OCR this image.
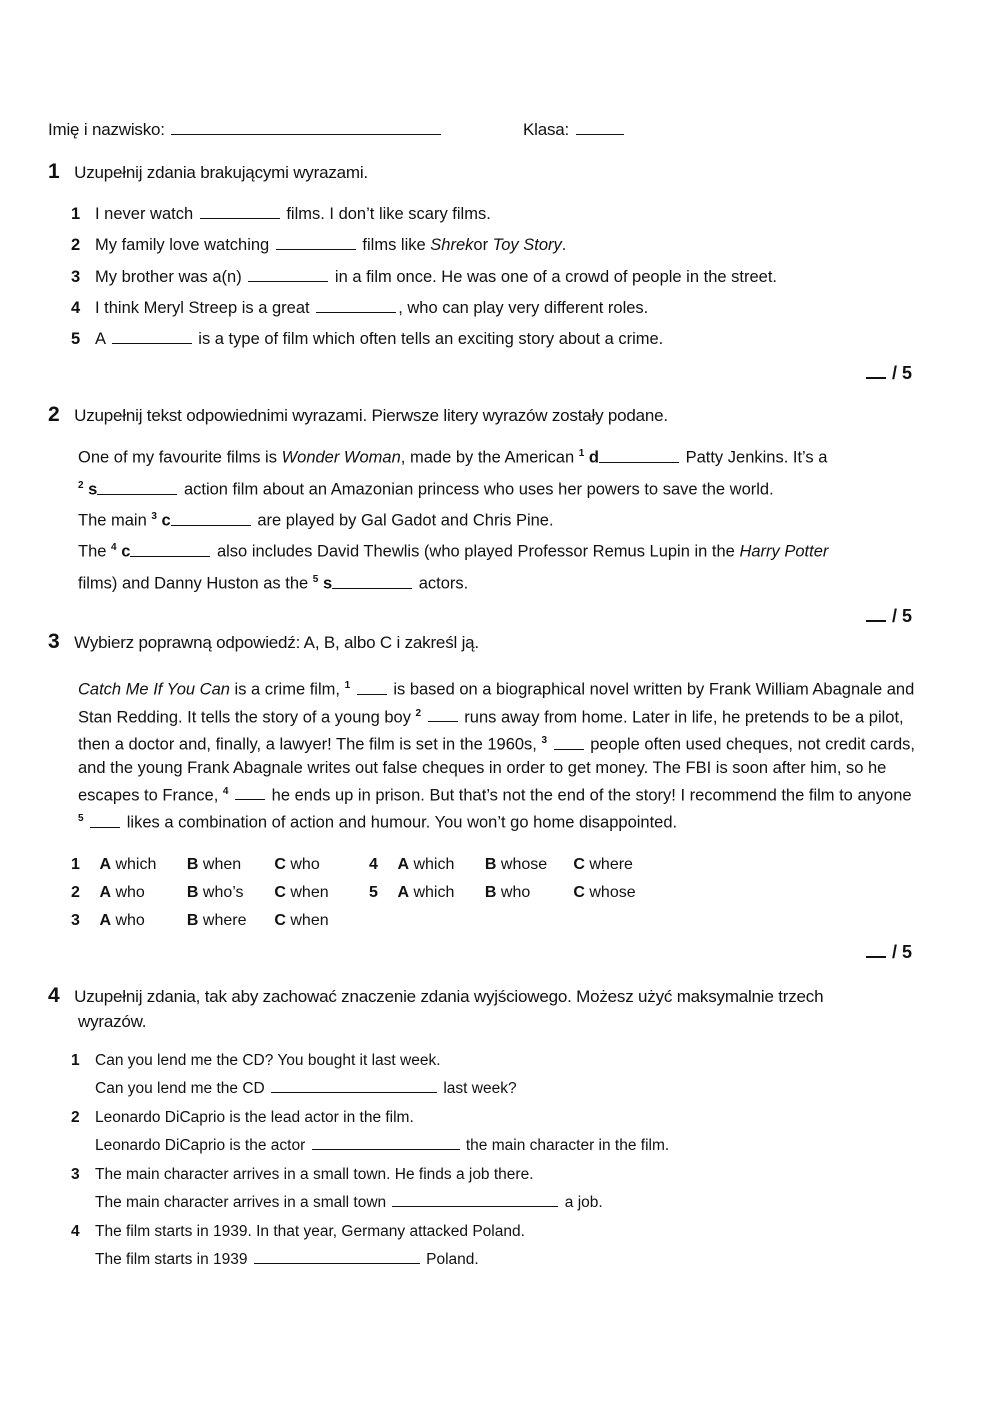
Imię i nazwisko:	Klasa:
1 Uzupełnij zdania brakującymi wyrazami.
1 I never watch	films. I don’t like scary films.
2 My family love watching	films like Shrekor Toy Story.
3 My brother was a(n)	in a film once. He was one of a crowd of people in the street.
4 I think Meryl Streep is a great	, who can play very different roles.
5 A	is a type of film which often tells an exciting story about a crime.
/ 5
2 Uzupełnij tekst odpowiednimi wyrazami. Pierwsze litery wyrazów zostały podane.
One of my favourite films is Wonder Woman, made by the American $^1$ d	Patty Jenkins. It’s a
$^2$ s	action film about an Amazonian princess who uses her powers to save the world.
The main $^3$ c	are played by Gal Gadot and Chris Pine.
The $^4$ c	also includes David Thewlis (who played Professor Remus Lupin in the Harry Potter
films) and Danny Huston as the $^5$ s	actors.
/ 5
3 Wybierz poprawną odpowiedź: A, B, albo C i zakreśl ją.
Catch Me If You Can is a crime film, $^1$	is based on a biographical novel written by Frank William Abagnale and Stan Redding. It tells the story of a young boy $^2$	runs away from home. Later in life, he pretends to be a pilot, then a doctor and, finally, a lawyer! The film is set in the 1960s, $^3$	people often used cheques, not credit cards, and the young Frank Abagnale writes out false cheques in order to get money. The FBI is soon after him, so he escapes to France, $^4$	he ends up in prison. But that’s not the end of the story! I recommend the film to anyone $^5$	likes a combination of action and humour. You won’t go home disappointed.
1 A which B when C who
2 A who	B who’s C when
3 A who	B where C when
4 A which B whose C where
5 A which B who	C whose
/ 5
4 Uzupełnij zdania, tak aby zachować znaczenie zdania wyjściowego. Możesz użyć maksymalnie trzech
wyrazów.
1 Can you lend me the CD? You bought it last week.
Can you lend me the CD	last week?
2 Leonardo DiCaprio is the lead actor in the film.
Leonardo DiCaprio is the actor	the main character in the film.
3 The main character arrives in a small town. He finds a job there.
The main character arrives in a small town	a job.
4 The film starts in 1939. In that year, Germany attacked Poland.
The film starts in 1939	Poland.
